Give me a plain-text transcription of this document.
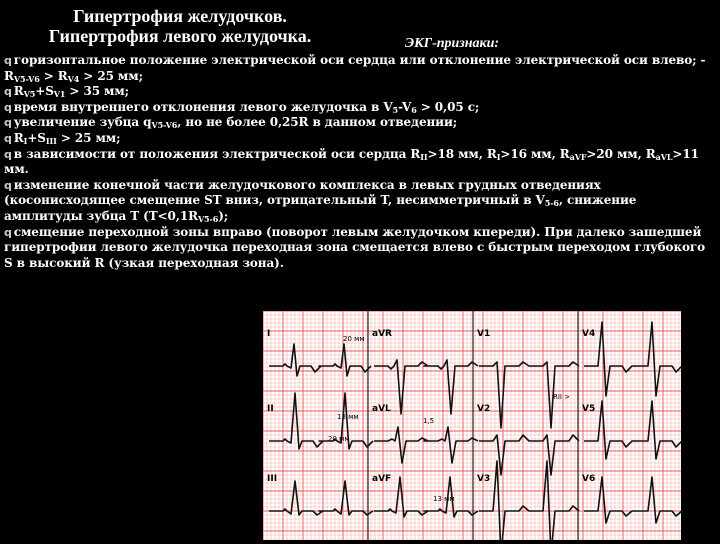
Гипертрофия желудочков.
Гипертрофия левого желудочка.	ЭКГ-признаки:
q горизонтальное положение электрической оси сердца или отклонение электрической оси влево; - $R_{V5-V6} > R_{V4} > 25$ мм;
q $R_{V5}+S_{V1} > 35$ мм;
q время внутреннего отклонения левого желудочка в $V_5-V_6 > 0,05$ с;
q увеличение зубца $q_{V5-V6}$, но не более 0,25R в данном отведении;
q $R_I+S_{III} > 25$ мм;
q в зависимости от положения электрической оси сердца $R_{II}>18$ мм, $R_I>16$ мм, $R_{aVF}>20$ мм, $R_{aVL}>11$ мм.
q изменение конечной части желудочкового комплекса в левых грудных отведениях (косонисходящее смещение ST вниз, отрицательный T, несимметричный в $V_{5-6}$, снижение амплитуды зубца T $(T<0,1R_{V5-6})$;
q смещение переходной зоны вправо (поворот левым желудочком кпереди). При далеко зашедшей гипертрофии левого желудочка переходная зона смещается влево с быстрым переходом глубокого S в высокий R (узкая переходная зона).
I	aVR	V1	V4
II	aVL	V2	V5
III	aVF	V3	V6
20 мм
13 мм
RII >
20 мм
13 мм
1,5
